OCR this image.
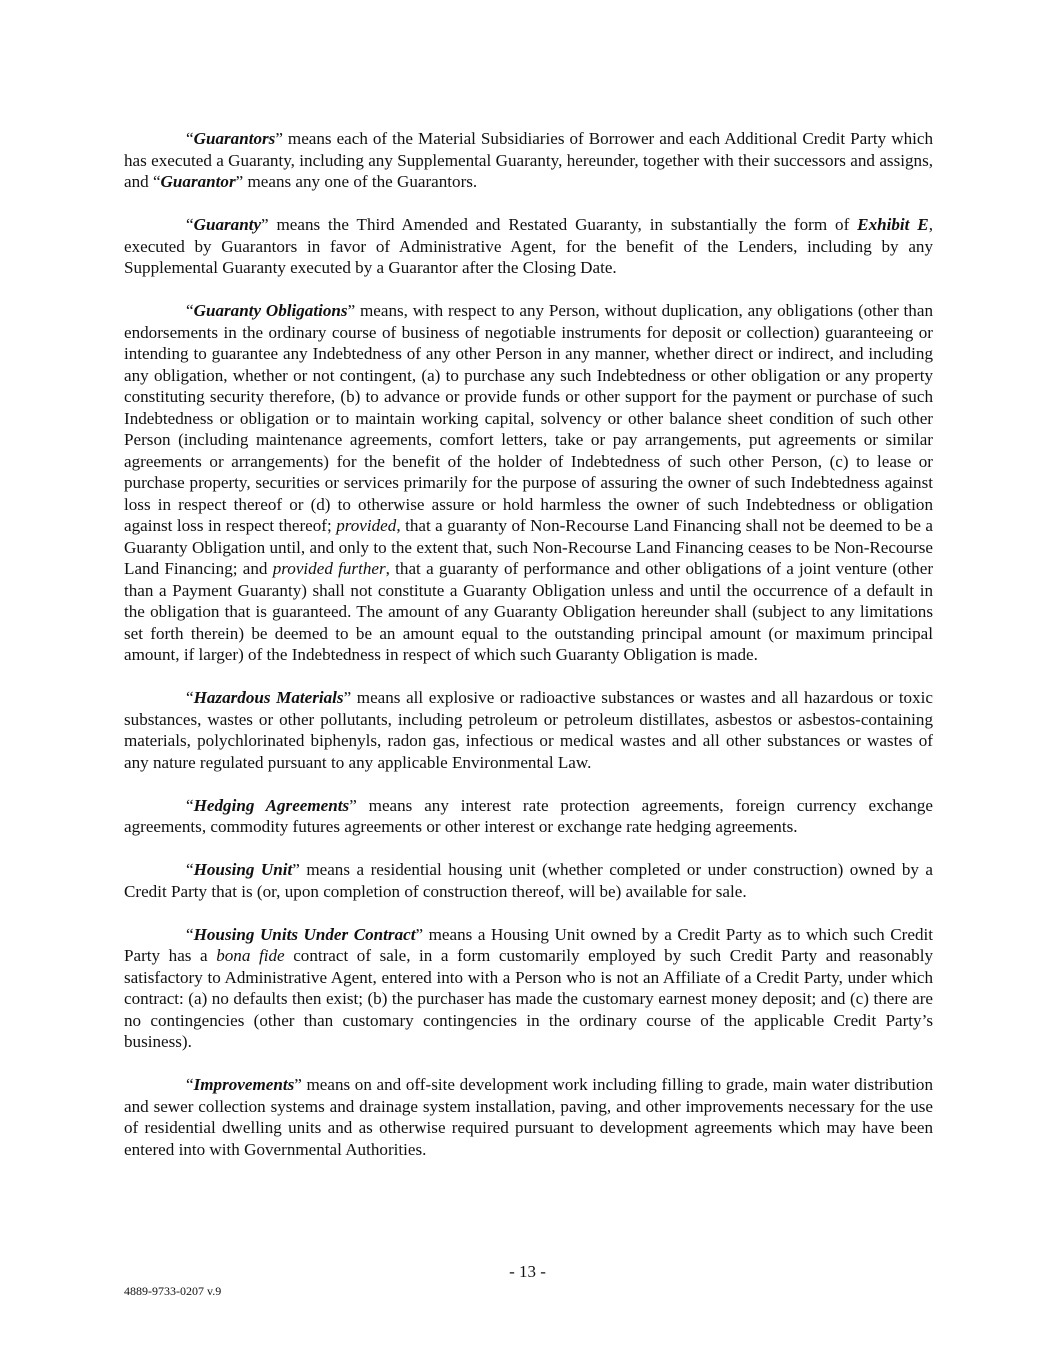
“Guarantors” means each of the Material Subsidiaries of Borrower and each Additional Credit Party which has executed a Guaranty, including any Supplemental Guaranty, hereunder, together with their successors and assigns, and “Guarantor” means any one of the Guarantors.

“Guaranty” means the Third Amended and Restated Guaranty, in substantially the form of Exhibit E, executed by Guarantors in favor of Administrative Agent, for the benefit of the Lenders, including by any Supplemental Guaranty executed by a Guarantor after the Closing Date.

“Guaranty Obligations” means, with respect to any Person, without duplication, any obligations (other than endorsements in the ordinary course of business of negotiable instruments for deposit or collection) guaranteeing or intending to guarantee any Indebtedness of any other Person in any manner, whether direct or indirect, and including any obligation, whether or not contingent, (a) to purchase any such Indebtedness or other obligation or any property constituting security therefore, (b) to advance or provide funds or other support for the payment or purchase of such Indebtedness or obligation or to maintain working capital, solvency or other balance sheet condition of such other Person (including maintenance agreements, comfort letters, take or pay arrangements, put agreements or similar agreements or arrangements) for the benefit of the holder of Indebtedness of such other Person, (c) to lease or purchase property, securities or services primarily for the purpose of assuring the owner of such Indebtedness against loss in respect thereof or (d) to otherwise assure or hold harmless the owner of such Indebtedness or obligation against loss in respect thereof; provided, that a guaranty of Non-Recourse Land Financing shall not be deemed to be a Guaranty Obligation until, and only to the extent that, such Non-Recourse Land Financing ceases to be Non-Recourse Land Financing; and provided further, that a guaranty of performance and other obligations of a joint venture (other than a Payment Guaranty) shall not constitute a Guaranty Obligation unless and until the occurrence of a default in the obligation that is guaranteed. The amount of any Guaranty Obligation hereunder shall (subject to any limitations set forth therein) be deemed to be an amount equal to the outstanding principal amount (or maximum principal amount, if larger) of the Indebtedness in respect of which such Guaranty Obligation is made.

“Hazardous Materials” means all explosive or radioactive substances or wastes and all hazardous or toxic substances, wastes or other pollutants, including petroleum or petroleum distillates, asbestos or asbestos-containing materials, polychlorinated biphenyls, radon gas, infectious or medical wastes and all other substances or wastes of any nature regulated pursuant to any applicable Environmental Law.

“Hedging Agreements” means any interest rate protection agreements, foreign currency exchange agreements, commodity futures agreements or other interest or exchange rate hedging agreements.

“Housing Unit” means a residential housing unit (whether completed or under construction) owned by a Credit Party that is (or, upon completion of construction thereof, will be) available for sale.

“Housing Units Under Contract” means a Housing Unit owned by a Credit Party as to which such Credit Party has a bona fide contract of sale, in a form customarily employed by such Credit Party and reasonably satisfactory to Administrative Agent, entered into with a Person who is not an Affiliate of a Credit Party, under which contract: (a) no defaults then exist; (b) the purchaser has made the customary earnest money deposit; and (c) there are no contingencies (other than customary contingencies in the ordinary course of the applicable Credit Party’s business).

“Improvements” means on and off-site development work including filling to grade, main water distribution and sewer collection systems and drainage system installation, paving, and other improvements necessary for the use of residential dwelling units and as otherwise required pursuant to development agreements which may have been entered into with Governmental Authorities.

- 13 -
4889-9733-0207 v.9
